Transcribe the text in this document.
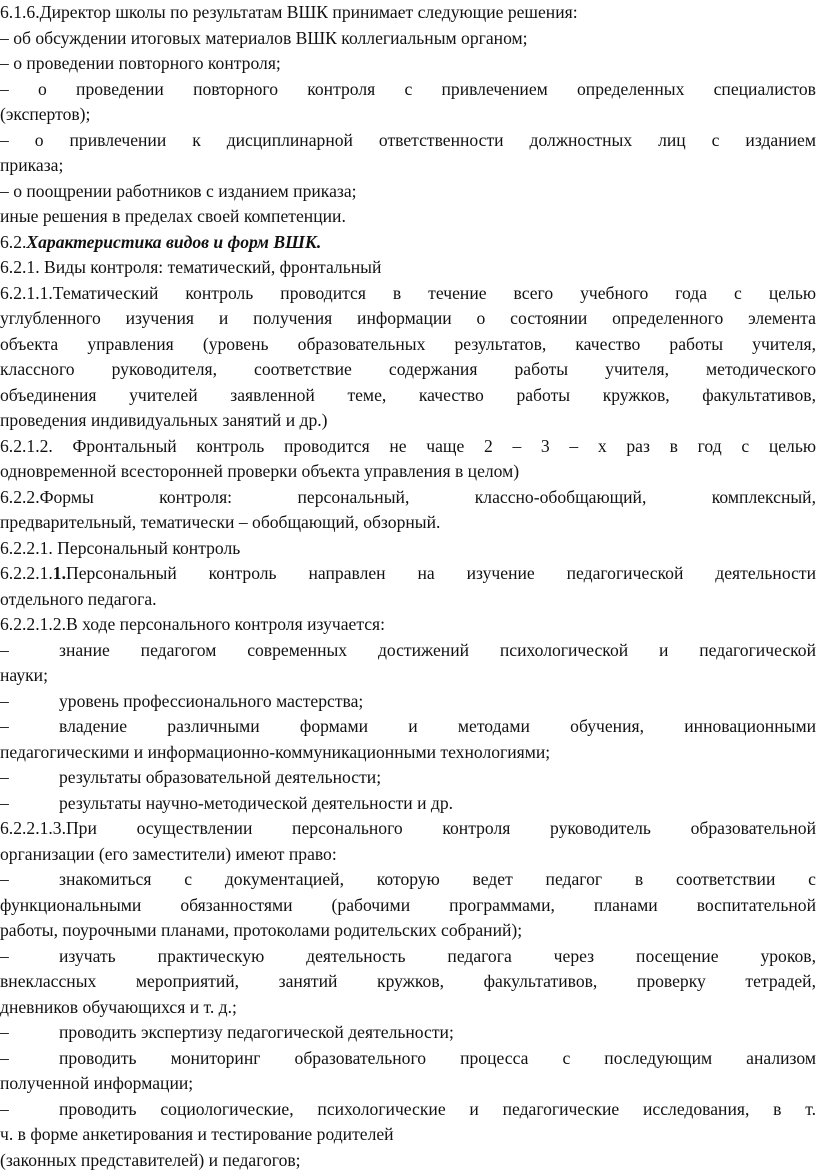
6.1.6.Директор школы по результатам ВШК принимает следующие решения:
– об обсуждении итоговых материалов ВШК коллегиальным органом;
– о проведении повторного контроля;
– о проведении повторного контроля с привлечением определенных специалистов
(экспертов);
– о привлечении к дисциплинарной ответственности должностных лиц с изданием
приказа;
– о поощрении работников с изданием приказа;
иные решения в пределах своей компетенции.
6.2.Характеристика видов и форм ВШК.
6.2.1. Виды контроля: тематический, фронтальный
6.2.1.1.Тематический контроль проводится в течение всего учебного года с целью
углубленного изучения и получения информации о состоянии определенного элемента
объекта управления (уровень образовательных результатов, качество работы учителя,
классного руководителя, соответствие содержания работы учителя, методического
объединения учителей заявленной теме, качество работы кружков, факультативов,
проведения индивидуальных занятий и др.)
6.2.1.2. Фронтальный контроль проводится не чаще 2 – 3 – х раз в год с целью
одновременной всесторонней проверки объекта управления в целом)
6.2.2.Формы контроля: персональный, классно-обобщающий, комплексный,
предварительный, тематически – обобщающий, обзорный.
6.2.2.1. Персональный контроль
6.2.2.1.1.Персональный контроль направлен на изучение педагогической деятельности
отдельного педагога.
6.2.2.1.2.В ходе персонального контроля изучается:
–	знание педагогом современных достижений психологической и педагогической
науки;
–	уровень профессионального мастерства;
–	владение различными формами и методами обучения, инновационными
педагогическими и информационно-коммуникационными технологиями;
–	результаты образовательной деятельности;
–	результаты научно-методической деятельности и др.
6.2.2.1.3.При осуществлении персонального контроля руководитель образовательной
организации (его заместители) имеют право:
–	знакомиться с документацией, которую ведет педагог в соответствии с
функциональными обязанностями (рабочими программами, планами воспитательной
работы, поурочными планами, протоколами родительских собраний);
–	изучать практическую деятельность педагога через посещение уроков,
внеклассных мероприятий, занятий кружков, факультативов, проверку тетрадей,
дневников обучающихся и т. д.;
–	проводить экспертизу педагогической деятельности;
–	проводить мониторинг образовательного процесса с последующим анализом
полученной информации;
–	проводить социологические, психологические и педагогические исследования, в т.
ч. в форме анкетирования и тестирование родителей
(законных представителей) и педагогов;
